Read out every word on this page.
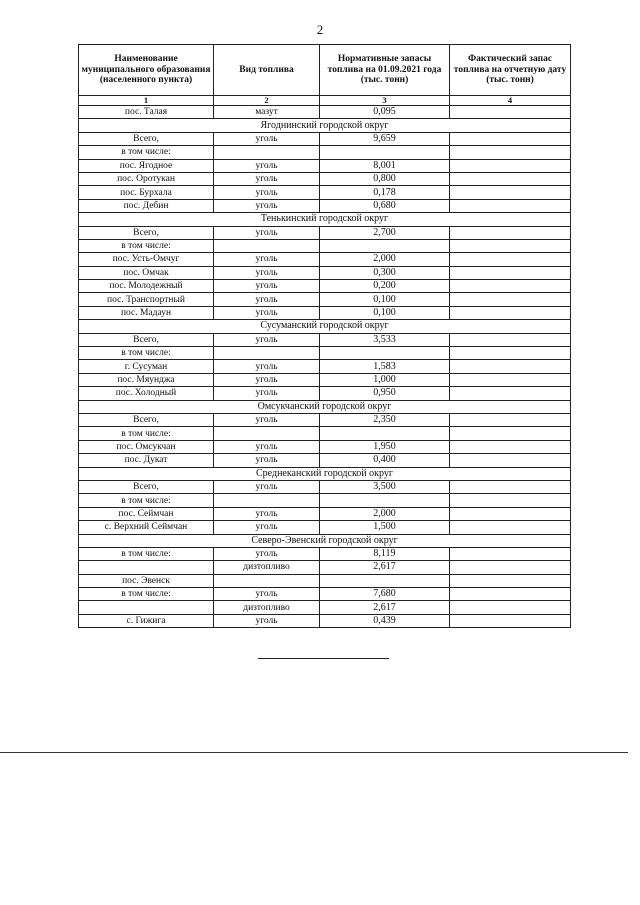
2
Наименование муниципального образования (населенного пункта)	Вид топлива	Нормативные запасы топлива на 01.09.2021 года (тыс. тонн)	Фактический запас топлива на отчетную дату (тыс. тонн)
1	2	3	4
пос. Талая	мазут	0,095	
Ягоднинский городской округ			
Всего,	уголь	9,659	
в том числе:			
пос. Ягодное	уголь	8,001	
пос. Оротукан	уголь	0,800	
пос. Бурхала	уголь	0,178	
пос. Дебин	уголь	0,680	
Тенькинский городской округ			
Всего,	уголь	2,700	
в том числе:			
пос. Усть-Омчуг	уголь	2,000	
пос. Омчак	уголь	0,300	
пос. Молодежный	уголь	0,200	
пос. Транспортный	уголь	0,100	
пос. Мадаун	уголь	0,100	
Сусуманский городской округ			
Всего,	уголь	3,533	
в том числе:			
г. Сусуман	уголь	1,583	
пос. Мяунджа	уголь	1,000	
пос. Холодный	уголь	0,950	
Омсукчанский городской округ			
Всего,	уголь	2,350	
в том числе:			
пос. Омсукчан	уголь	1,950	
пос. Дукат	уголь	0,400	
Среднеканский городской округ			
Всего,	уголь	3,500	
в том числе:			
пос. Сеймчан	уголь	2,000	
с. Верхний Сеймчан	уголь	1,500	
Северо-Эвенский городской округ			
в том числе:	уголь	8,119	
	дизтопливо	2,617	
пос. Эвенск			
в том числе:	уголь	7,680	
	дизтопливо	2,617	
с. Гижига	уголь	0,439	
